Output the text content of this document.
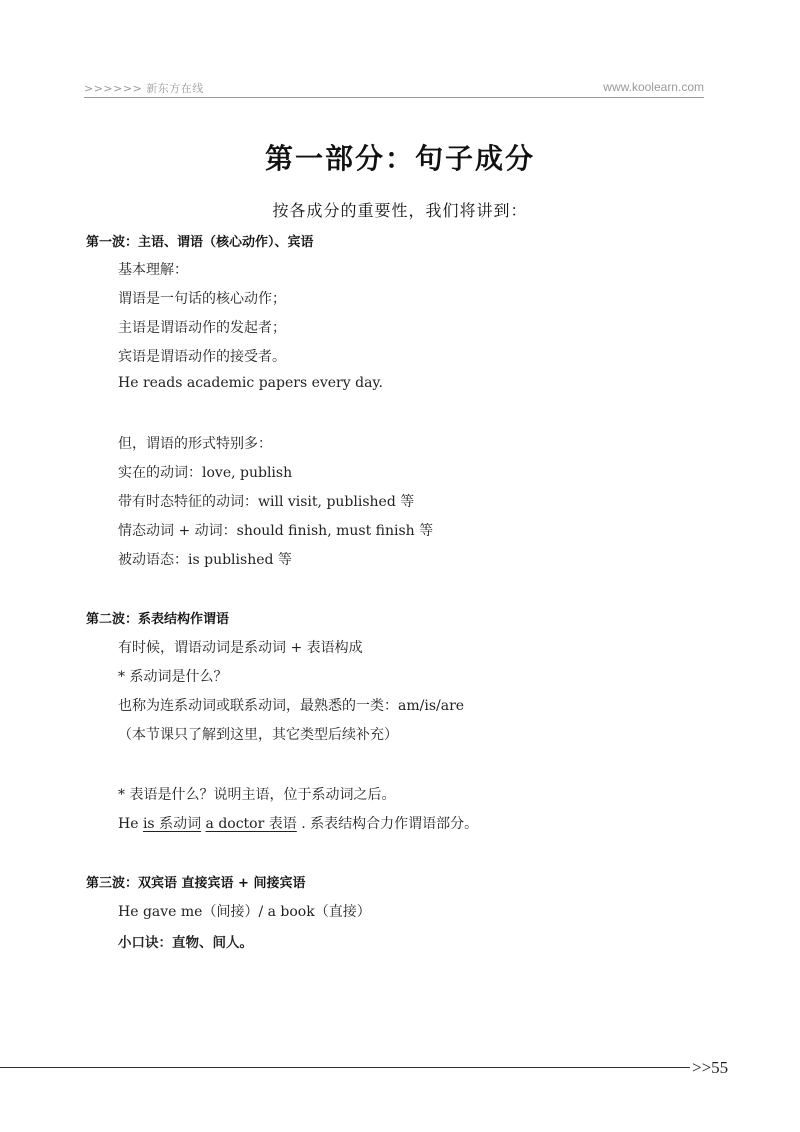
>>>>>> 新东方在线	www.koolearn.com
第一部分：句子成分
按各成分的重要性，我们将讲到：
第一波：主语、谓语（核心动作）、宾语
基本理解：
谓语是一句话的核心动作；
主语是谓语动作的发起者；
宾语是谓语动作的接受者。
He reads academic papers every day.
但，谓语的形式特别多：
实在的动词：love, publish
带有时态特征的动词：will visit, published 等
情态动词 + 动词：should finish, must finish 等
被动语态：is published 等
第二波：系表结构作谓语
有时候，谓语动词是系动词 + 表语构成
* 系动词是什么？
也称为连系动词或联系动词，最熟悉的一类：am/is/are
（本节课只了解到这里，其它类型后续补充）
* 表语是什么？说明主语，位于系动词之后。
He is 系动词 a doctor 表语 . 系表结构合力作谓语部分。
第三波：双宾语 直接宾语 + 间接宾语
He gave me（间接）/ a book（直接）
小口诀：直物、间人。
>>55
